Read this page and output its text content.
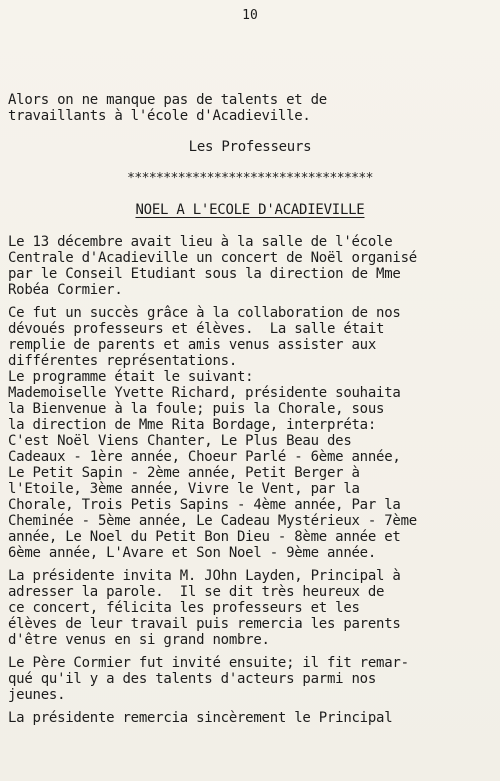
10
Alors on ne manque pas de talents et de
travaillants à l'école d'Acadieville.
Les Professeurs
**********************************
NOEL A L'ECOLE D'ACADIEVILLE
Le 13 décembre avait lieu à la salle de l'école
Centrale d'Acadieville un concert de Noël organisé
par le Conseil Etudiant sous la direction de Mme
Robéa Cormier.
Ce fut un succès grâce à la collaboration de nos
dévoués professeurs et élèves.  La salle était
remplie de parents et amis venus assister aux
différentes représentations.
Le programme était le suivant:
Mademoiselle Yvette Richard, présidente souhaita
la Bienvenue à la foule; puis la Chorale, sous
la direction de Mme Rita Bordage, interpréta:
C'est Noël Viens Chanter, Le Plus Beau des
Cadeaux - 1ère année, Choeur Parlé - 6ème année,
Le Petit Sapin - 2ème année, Petit Berger à
l'Etoile, 3ème année, Vivre le Vent, par la
Chorale, Trois Petis Sapins - 4ème année, Par la
Cheminée - 5ème année, Le Cadeau Mystérieux - 7ème
année, Le Noel du Petit Bon Dieu - 8ème année et
6ème année, L'Avare et Son Noel - 9ème année.
La présidente invita M. JOhn Layden, Principal à
adresser la parole.  Il se dit très heureux de
ce concert, félicita les professeurs et les
élèves de leur travail puis remercia les parents
d'être venus en si grand nombre.
Le Père Cormier fut invité ensuite; il fit remar-
qué qu'il y a des talents d'acteurs parmi nos
jeunes.
La présidente remercia sincèrement le Principal
